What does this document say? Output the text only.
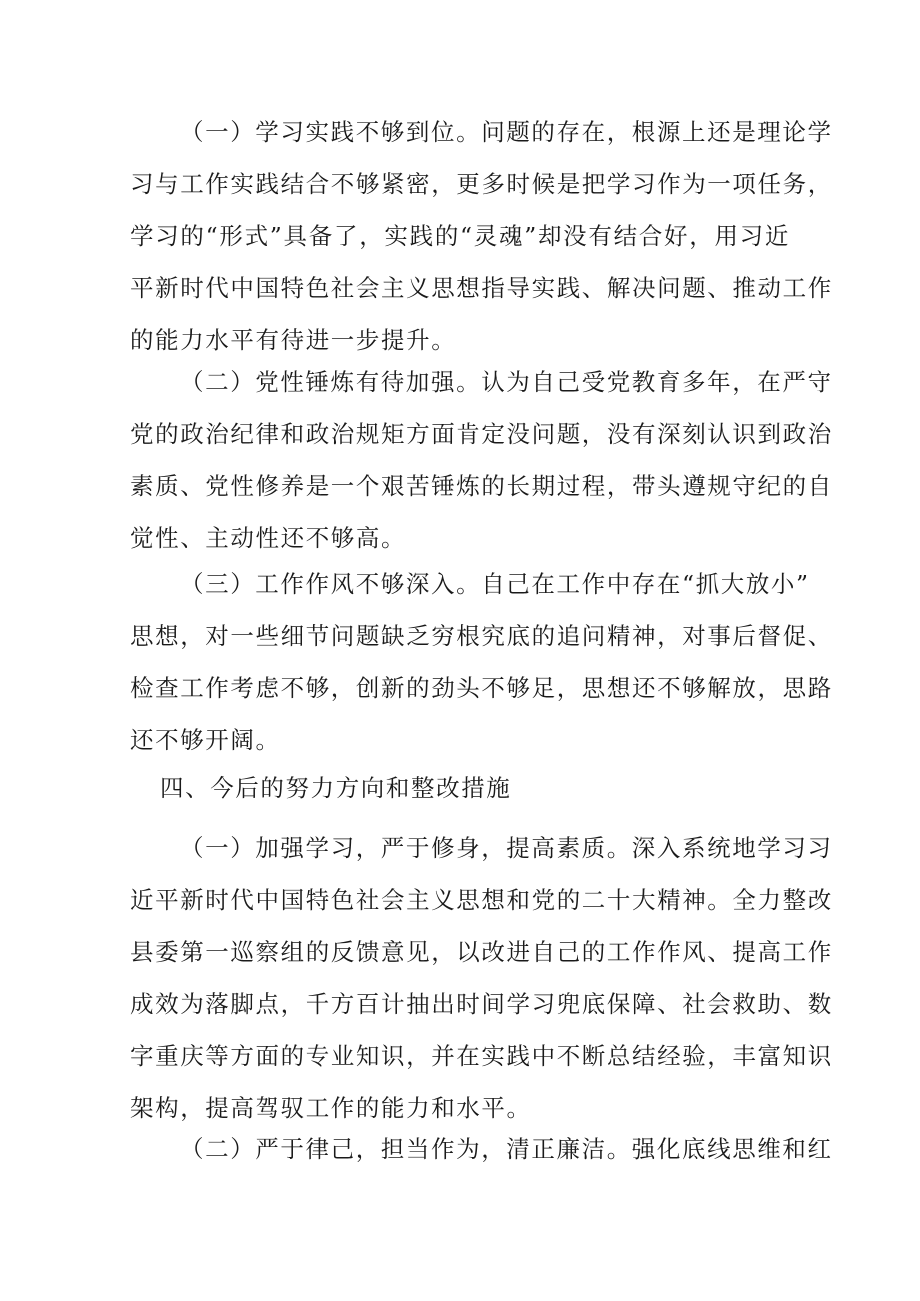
（一）学习实践不够到位。问题的存在，根源上还是理论学
习与工作实践结合不够紧密，更多时候是把学习作为一项任务，
学习的“形式”具备了，实践的“灵魂”却没有结合好，用习近
平新时代中国特色社会主义思想指导实践、解决问题、推动工作
的能力水平有待进一步提升。
（二）党性锤炼有待加强。认为自己受党教育多年，在严守
党的政治纪律和政治规矩方面肯定没问题，没有深刻认识到政治
素质、党性修养是一个艰苦锤炼的长期过程，带头遵规守纪的自
觉性、主动性还不够高。
（三）工作作风不够深入。自己在工作中存在“抓大放小”
思想，对一些细节问题缺乏穷根究底的追问精神，对事后督促、
检查工作考虑不够，创新的劲头不够足，思想还不够解放，思路
还不够开阔。
四、今后的努力方向和整改措施
（一）加强学习，严于修身，提高素质。深入系统地学习习
近平新时代中国特色社会主义思想和党的二十大精神。全力整改
县委第一巡察组的反馈意见，以改进自己的工作作风、提高工作
成效为落脚点，千方百计抽出时间学习兜底保障、社会救助、数
字重庆等方面的专业知识，并在实践中不断总结经验，丰富知识
架构，提高驾驭工作的能力和水平。
（二）严于律己，担当作为，清正廉洁。强化底线思维和红
